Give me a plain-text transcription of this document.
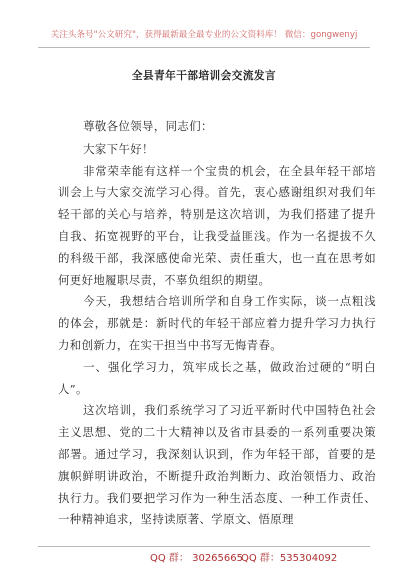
关注头条号"公文研究"，获得最新最全最专业的公文资料库！ 微信：gongwenyj
全县青年干部培训会交流发言

尊敬各位领导，同志们：

大家下午好！

非常荣幸能有这样一个宝贵的机会，在全县年轻干部培训会上与大家交流学习心得。首先，衷心感谢组织对我们年轻干部的关心与培养，特别是这次培训，为我们搭建了提升自我、拓宽视野的平台，让我受益匪浅。作为一名提拔不久的科级干部，我深感使命光荣、责任重大，也一直在思考如何更好地履职尽责，不辜负组织的期望。

今天，我想结合培训所学和自身工作实际，谈一点粗浅的体会，那就是：新时代的年轻干部应着力提升学习力执行力和创新力，在实干担当中书写无悔青春。

一、强化学习力，筑牢成长之基，做政治过硬的“明白人”。

这次培训，我们系统学习了习近平新时代中国特色社会主义思想、党的二十大精神以及省市县委的一系列重要决策部署。通过学习，我深刻认识到，作为年轻干部，首要的是旗帜鲜明讲政治，不断提升政治判断力、政治领悟力、政治执行力。我们要把学习作为一种生活态度、一种工作责任、一种精神追求，坚持读原著、学原文、悟原理

QQ 群： 30265665
QQ 群：535304092
